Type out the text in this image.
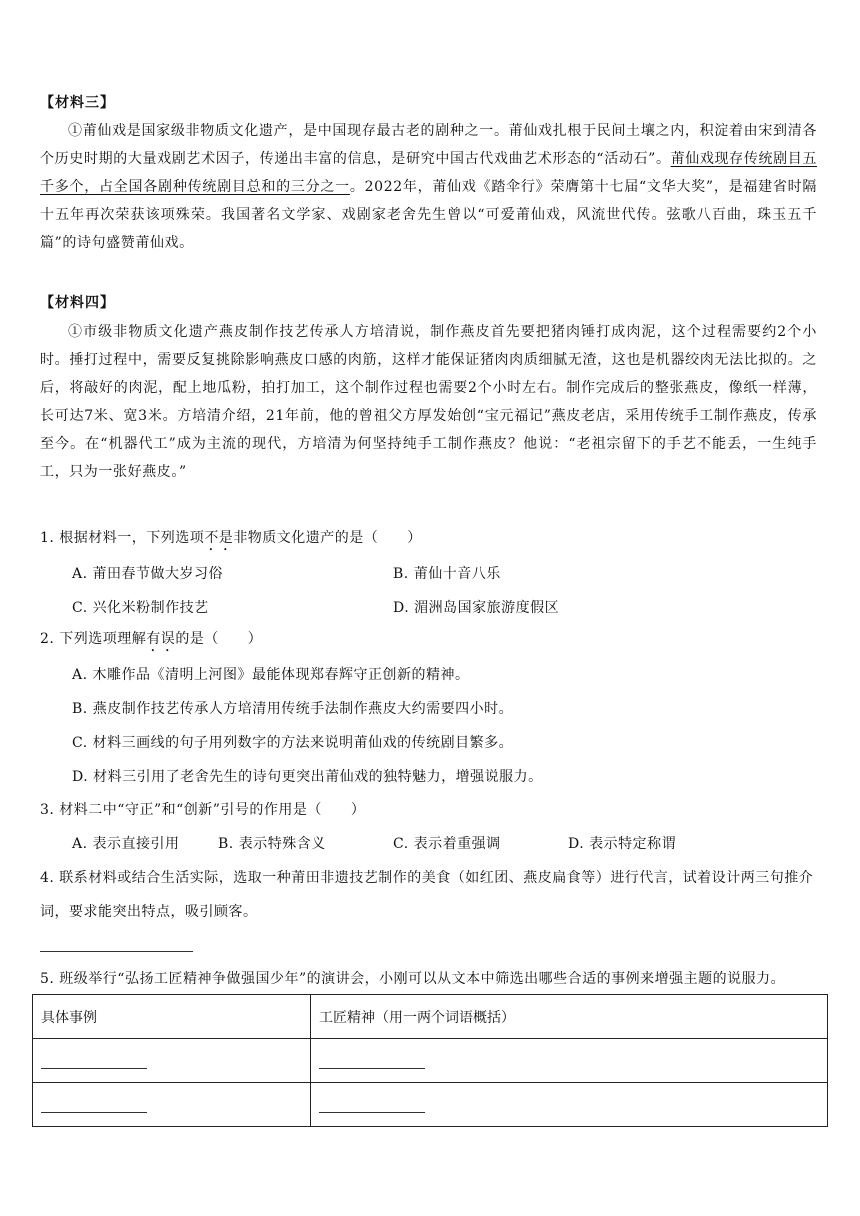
【材料三】
①莆仙戏是国家级非物质文化遗产，是中国现存最古老的剧种之一。莆仙戏扎根于民间土壤之内，积淀着由宋到清各个历史时期的大量戏剧艺术因子，传递出丰富的信息，是研究中国古代戏曲艺术形态的“活动石”。莆仙戏现存传统剧目五千多个，占全国各剧种传统剧目总和的三分之一。2022年，莆仙戏《踏伞行》荣膺第十七届“文华大奖”，是福建省时隔十五年再次荣获该项殊荣。我国著名文学家、戏剧家老舍先生曾以“可爱莆仙戏，风流世代传。弦歌八百曲，珠玉五千篇”的诗句盛赞莆仙戏。
【材料四】
①市级非物质文化遗产燕皮制作技艺传承人方培清说，制作燕皮首先要把猪肉锤打成肉泥，这个过程需要约2个小时。捶打过程中，需要反复挑除影响燕皮口感的肉筋，这样才能保证猪肉肉质细腻无渣，这也是机器绞肉无法比拟的。之后，将敲好的肉泥，配上地瓜粉，拍打加工，这个制作过程也需要2个小时左右。制作完成后的整张燕皮，像纸一样薄，长可达7米、宽3米。方培清介绍，21年前，他的曾祖父方厚发始创“宝元福记”燕皮老店，采用传统手工制作燕皮，传承至今。在“机器代工”成为主流的现代，方培清为何坚持纯手工制作燕皮？他说：“老祖宗留下的手艺不能丢，一生纯手工，只为一张好燕皮。”
1. 根据材料一，下列选项不是非物质文化遗产的是（　　）
A. 莆田春节做大岁习俗	B. 莆仙十音八乐
C. 兴化米粉制作技艺	D. 湄洲岛国家旅游度假区
2. 下列选项理解有误的是（　　）
A. 木雕作品《清明上河图》最能体现郑春辉守正创新的精神。
B. 燕皮制作技艺传承人方培清用传统手法制作燕皮大约需要四小时。
C. 材料三画线的句子用列数字的方法来说明莆仙戏的传统剧目繁多。
D. 材料三引用了老舍先生的诗句更突出莆仙戏的独特魅力，增强说服力。
3. 材料二中“守正”和“创新”引号的作用是（　　）
A. 表示直接引用	B. 表示特殊含义	C. 表示着重强调	D. 表示特定称谓
4. 联系材料或结合生活实际，选取一种莆田非遗技艺制作的美食（如红团、燕皮扁食等）进行代言，试着设计两三句推介词，要求能突出特点，吸引顾客。
5. 班级举行“弘扬工匠精神争做强国少年”的演讲会，小刚可以从文本中筛选出哪些合适的事例来增强主题的说服力。
具体事例	工匠精神（用一两个词语概括）
